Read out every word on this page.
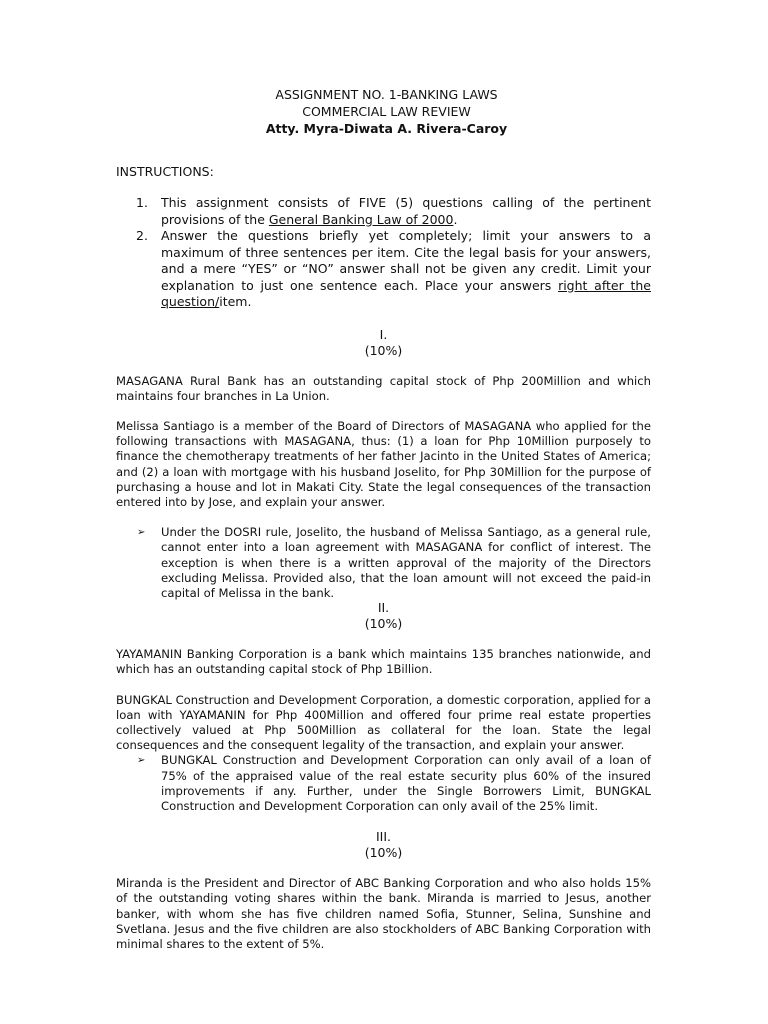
ASSIGNMENT NO. 1-BANKING LAWS
COMMERCIAL LAW REVIEW
Atty. Myra-Diwata A. Rivera-Caroy
INSTRUCTIONS:
1. This assignment consists of FIVE (5) questions calling of the pertinent provisions of the General Banking Law of 2000.
2. Answer the questions briefly yet completely; limit your answers to a maximum of three sentences per item. Cite the legal basis for your answers, and a mere “YES” or “NO” answer shall not be given any credit. Limit your explanation to just one sentence each. Place your answers right after the question/item.
I.
(10%)

MASAGANA Rural Bank has an outstanding capital stock of Php 200Million and which maintains four branches in La Union.

Melissa Santiago is a member of the Board of Directors of MASAGANA who applied for the following transactions with MASAGANA, thus: (1) a loan for Php 10Million purposely to finance the chemotherapy treatments of her father Jacinto in the United States of America; and (2) a loan with mortgage with his husband Joselito, for Php 30Million for the purpose of purchasing a house and lot in Makati City. State the legal consequences of the transaction entered into by Jose, and explain your answer.

➢ Under the DOSRI rule, Joselito, the husband of Melissa Santiago, as a general rule, cannot enter into a loan agreement with MASAGANA for conflict of interest. The exception is when there is a written approval of the majority of the Directors excluding Melissa. Provided also, that the loan amount will not exceed the paid-in capital of Melissa in the bank.
II.
(10%)

YAYAMANIN Banking Corporation is a bank which maintains 135 branches nationwide, and which has an outstanding capital stock of Php 1Billion.

BUNGKAL Construction and Development Corporation, a domestic corporation, applied for a loan with YAYAMANIN for Php 400Million and offered four prime real estate properties collectively valued at Php 500Million as collateral for the loan. State the legal consequences and the consequent legality of the transaction, and explain your answer.

➢ BUNGKAL Construction and Development Corporation can only avail of a loan of 75% of the appraised value of the real estate security plus 60% of the insured improvements if any. Further, under the Single Borrowers Limit, BUNGKAL Construction and Development Corporation can only avail of the 25% limit.
III.
(10%)

Miranda is the President and Director of ABC Banking Corporation and who also holds 15% of the outstanding voting shares within the bank. Miranda is married to Jesus, another banker, with whom she has five children named Sofia, Stunner, Selina, Sunshine and Svetlana. Jesus and the five children are also stockholders of ABC Banking Corporation with minimal shares to the extent of 5%.
